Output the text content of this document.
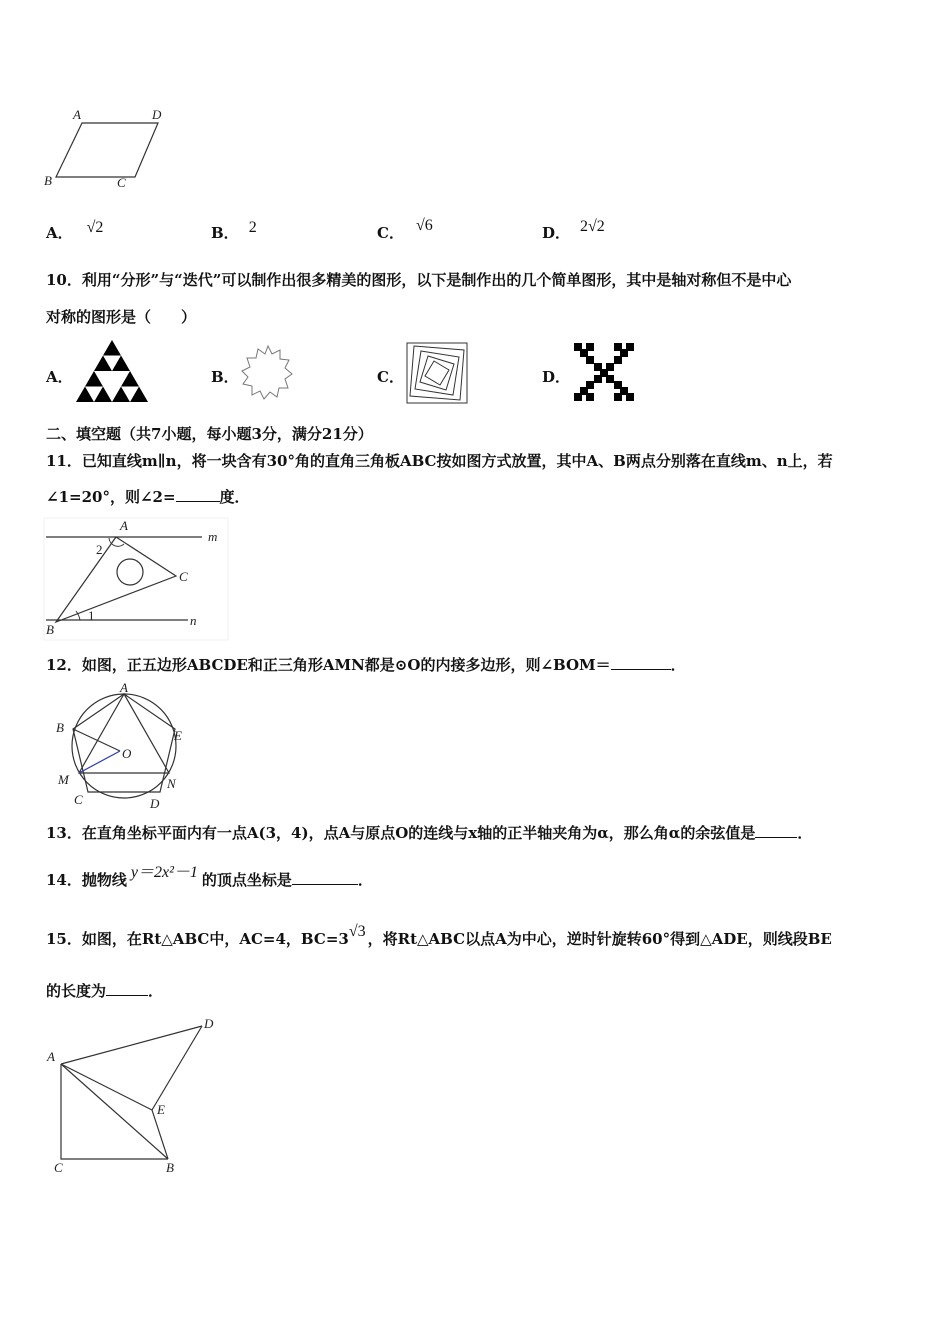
A	D
B	C
A． √2	B． 2	C． √6	D． 2√2
10．利用“分形”与“迭代”可以制作出很多精美的图形，以下是制作出的几个简单图形，其中是轴对称但不是中心
对称的图形是（　　）
A．	B．	C．	D．
二、填空题（共7小题，每小题3分，满分21分）
11．已知直线m∥n，将一块含有30°角的直角三角板ABC按如图方式放置，其中A、B两点分别落在直线m、n上，若
∠1=20°，则∠2=	度．
A
m
2
C
B
1	n
12．如图，正五边形ABCDE和正三角形AMN都是⊙O的内接多边形，则∠BOM＝	．
A
B
E
O
M	N
C	D
13．在直角坐标平面内有一点A(3，4)，点A与原点O的连线与x轴的正半轴夹角为α，那么角α的余弦值是	．
14．抛物线 y＝2x²－1 的顶点坐标是	．
15．如图，在Rt△ABC中，AC=4，BC=3√3 ，将Rt△ABC以点A为中心，逆时针旋转60°得到△ADE，则线段BE
的长度为	．
D
A
E
C	B
